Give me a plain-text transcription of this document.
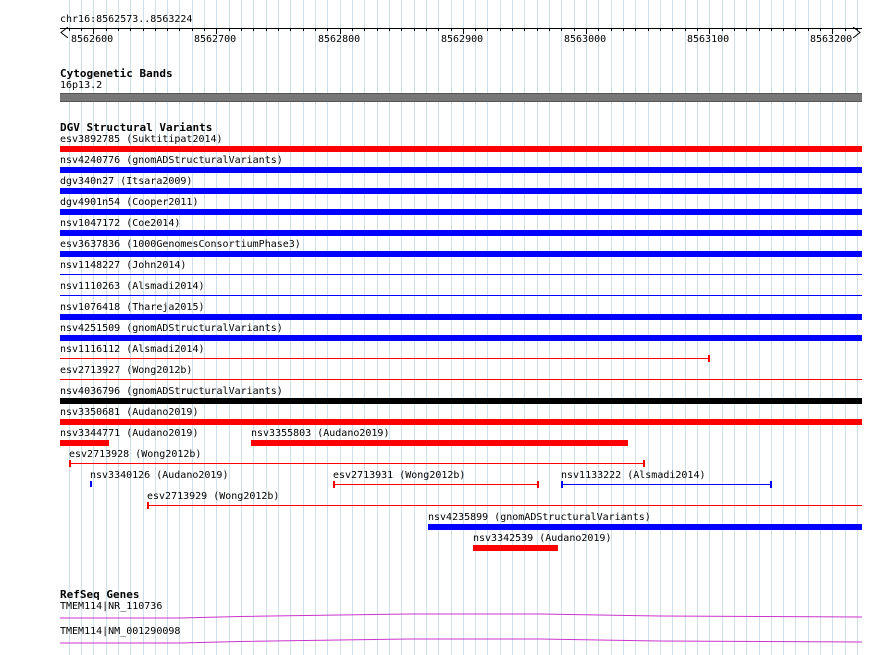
chr16:8562573..8563224
8562600	8562700	8562800	8562900	8563000	8563100	8563200
Cytogenetic Bands
16p13.2
DGV Structural Variants
esv3892785 (Suktitipat2014)
nsv4240776 (gnomADStructuralVariants)
dgv340n27 (Itsara2009)
dgv4901n54 (Cooper2011)
nsv1047172 (Coe2014)
esv3637836 (1000GenomesConsortiumPhase3)
nsv1148227 (John2014)
nsv1110263 (Alsmadi2014)
nsv1076418 (Thareja2015)
nsv4251509 (gnomADStructuralVariants)
nsv1116112 (Alsmadi2014)
esv2713927 (Wong2012b)
nsv4036796 (gnomADStructuralVariants)
nsv3350681 (Audano2019)
nsv3344771 (Audano2019)	nsv3355803 (Audano2019)
esv2713928 (Wong2012b)
nsv3340126 (Audano2019)	esv2713931 (Wong2012b)	nsv1133222 (Alsmadi2014)
esv2713929 (Wong2012b)
nsv4235899 (gnomADStructuralVariants)
nsv3342539 (Audano2019)
RefSeq Genes
TMEM114|NR_110736
TMEM114|NM_001290098
